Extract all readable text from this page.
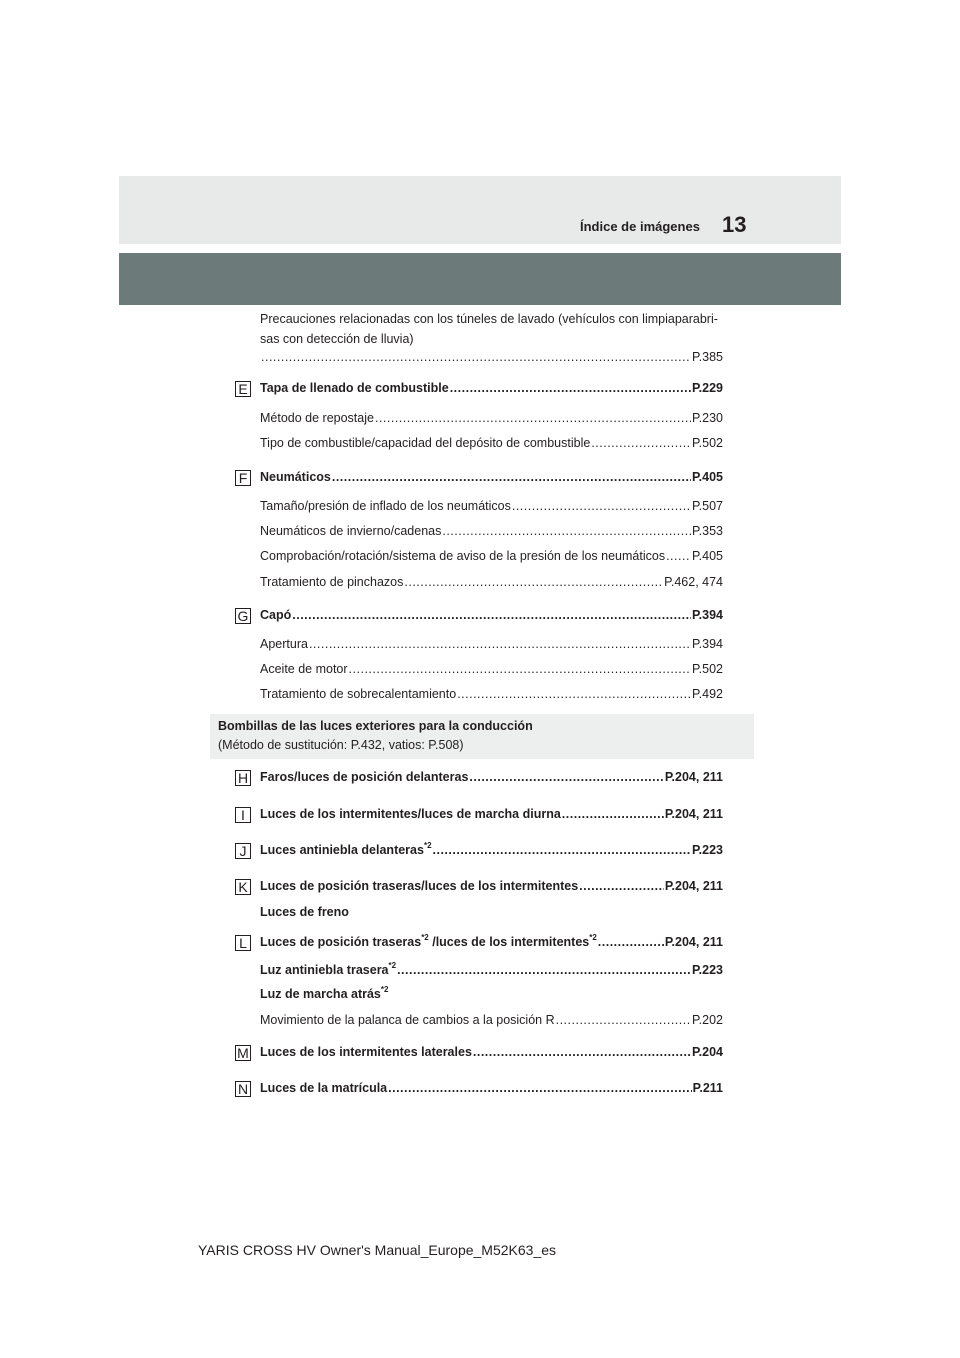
Índice de imágenes 13
Precauciones relacionadas con los túneles de lavado (vehículos con limpiaparabri-
sas con detección de lluvia)
.....
P.385
E Tapa de llenado de combustible .....	P.229
Método de repostaje .....	P.230
Tipo de combustible/capacidad del depósito de combustible .....	P.502
F Neumáticos .....	P.405
Tamaño/presión de inflado de los neumáticos .....	P.507
Neumáticos de invierno/cadenas .....	P.353
Comprobación/rotación/sistema de aviso de la presión de los neumáticos ..... P.405
Tratamiento de pinchazos .....	P.462, 474
G Capó .....	P.394
Apertura .....	P.394
Aceite de motor .....	P.502
Tratamiento de sobrecalentamiento .....	P.492
Bombillas de las luces exteriores para la conducción
(Método de sustitución: P.432, vatios: P.508)
H Faros/luces de posición delanteras .....	P.204, 211
I	Luces de los intermitentes/luces de marcha diurna .....	P.204, 211
J	Luces antiniebla delanteras$^{*2}$ .....	P.223
K Luces de posición traseras/luces de los intermitentes .....	P.204, 211
Luces de freno
L	Luces de posición traseras$^{*2}$ /luces de los intermitentes$^{*2}$ .....	P.204, 211
Luz antiniebla trasera$^{*2}$ .....	P.223
Luz de marcha atrás$^{*2}$
Movimiento de la palanca de cambios a la posición R .....	P.202
M Luces de los intermitentes laterales .....	P.204
N Luces de la matrícula .....	P.211
YARIS CROSS HV Owner's Manual_Europe_M52K63_es
